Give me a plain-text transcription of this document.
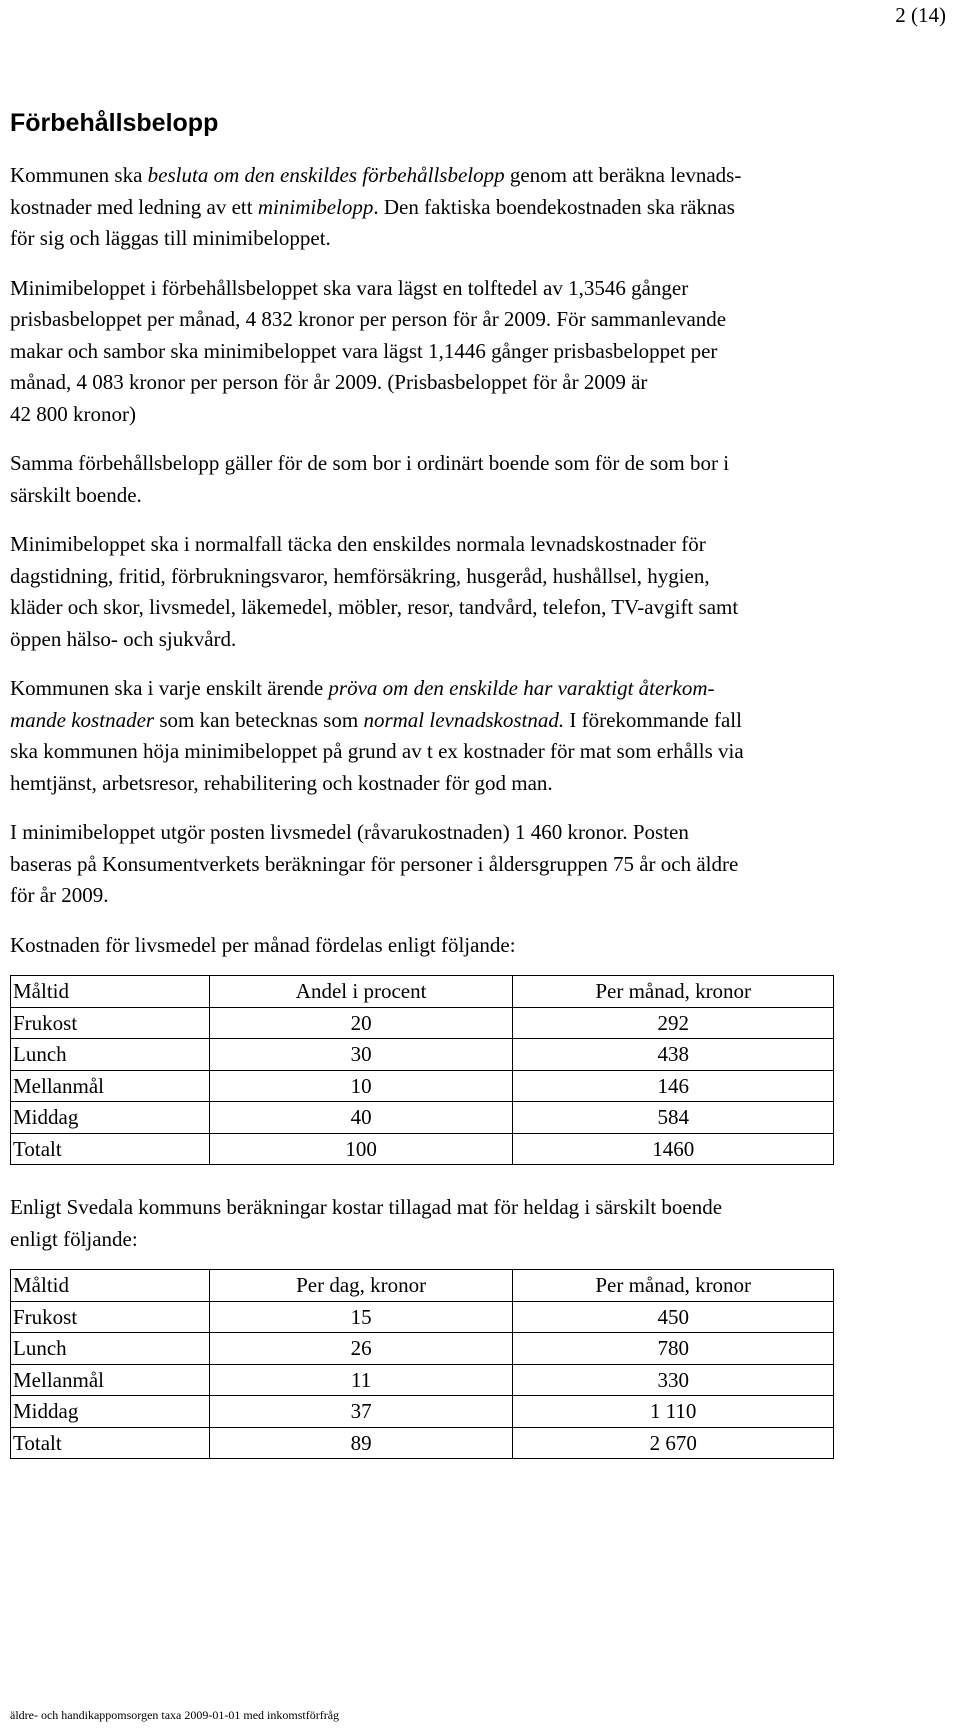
2 (14)
Förbehållsbelopp

Kommunen ska besluta om den enskildes förbehållsbelopp genom att beräkna levnads-
kostnader med ledning av ett minimibelopp. Den faktiska boendekostnaden ska räknas
för sig och läggas till minimibeloppet.

Minimibeloppet i förbehållsbeloppet ska vara lägst en tolftedel av 1,3546 gånger
prisbasbeloppet per månad, 4 832 kronor per person för år 2009. För sammanlevande
makar och sambor ska minimibeloppet vara lägst 1,1446 gånger prisbasbeloppet per
månad, 4 083 kronor per person för år 2009. (Prisbasbeloppet för år 2009 är
42 800 kronor)

Samma förbehållsbelopp gäller för de som bor i ordinärt boende som för de som bor i
särskilt boende.

Minimibeloppet ska i normalfall täcka den enskildes normala levnadskostnader för
dagstidning, fritid, förbrukningsvaror, hemförsäkring, husgeråd, hushållsel, hygien,
kläder och skor, livsmedel, läkemedel, möbler, resor, tandvård, telefon, TV-avgift samt
öppen hälso- och sjukvård.

Kommunen ska i varje enskilt ärende pröva om den enskilde har varaktigt återkom-
mande kostnader som kan betecknas som normal levnadskostnad. I förekommande fall
ska kommunen höja minimibeloppet på grund av t ex kostnader för mat som erhålls via
hemtjänst, arbetsresor, rehabilitering och kostnader för god man.

I minimibeloppet utgör posten livsmedel (råvarukostnaden) 1 460 kronor. Posten
baseras på Konsumentverkets beräkningar för personer i åldersgruppen 75 år och äldre
för år 2009.

Kostnaden för livsmedel per månad fördelas enligt följande:

Måltid	Andel i procent	Per månad, kronor
Frukost	20	292
Lunch	30	438
Mellanmål	10	146
Middag	40	584
Totalt	100	1460

Enligt Svedala kommuns beräkningar kostar tillagad mat för heldag i särskilt boende
enligt följande:

Måltid	Per dag, kronor	Per månad, kronor
Frukost	15	450
Lunch	26	780
Mellanmål	11	330
Middag	37	1 110
Totalt	89	2 670
äldre- och handikappomsorgen taxa 2009-01-01 med inkomstförfråg
